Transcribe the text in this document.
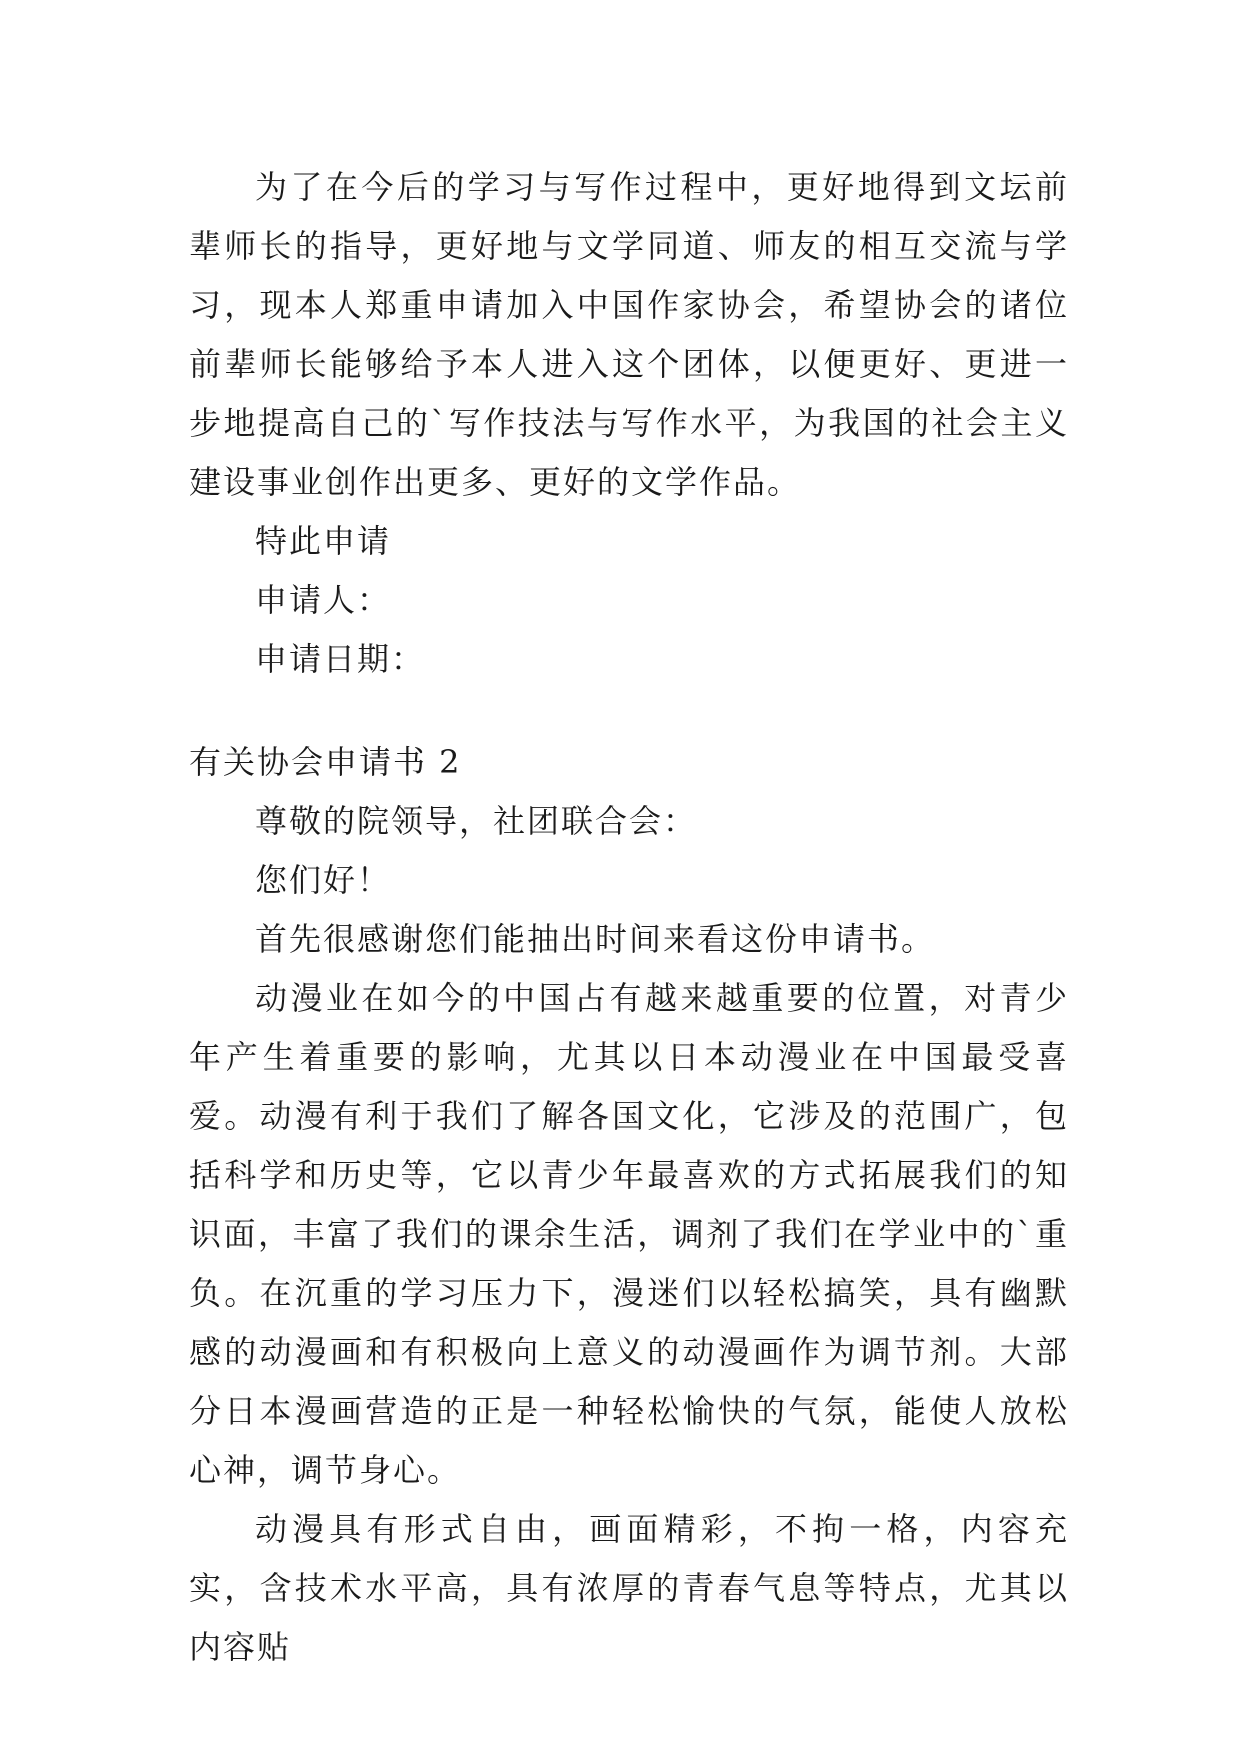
为了在今后的学习与写作过程中，更好地得到文坛前辈师长的指导，更好地与文学同道、师友的相互交流与学习，现本人郑重申请加入中国作家协会，希望协会的诸位前辈师长能够给予本人进入这个团体，以便更好、更进一步地提高自己的`写作技法与写作水平，为我国的社会主义建设事业创作出更多、更好的文学作品。

特此申请

申请人：

申请日期：

有关协会申请书 2

尊敬的院领导，社团联合会：

您们好！

首先很感谢您们能抽出时间来看这份申请书。

动漫业在如今的中国占有越来越重要的位置，对青少年产生着重要的影响，尤其以日本动漫业在中国最受喜爱。动漫有利于我们了解各国文化，它涉及的范围广，包括科学和历史等，它以青少年最喜欢的方式拓展我们的知识面，丰富了我们的课余生活，调剂了我们在学业中的`重负。在沉重的学习压力下，漫迷们以轻松搞笑，具有幽默感的动漫画和有积极向上意义的动漫画作为调节剂。大部分日本漫画营造的正是一种轻松愉快的气氛，能使人放松心神，调节身心。

动漫具有形式自由，画面精彩，不拘一格，内容充实，含技术水平高，具有浓厚的青春气息等特点，尤其以内容贴
